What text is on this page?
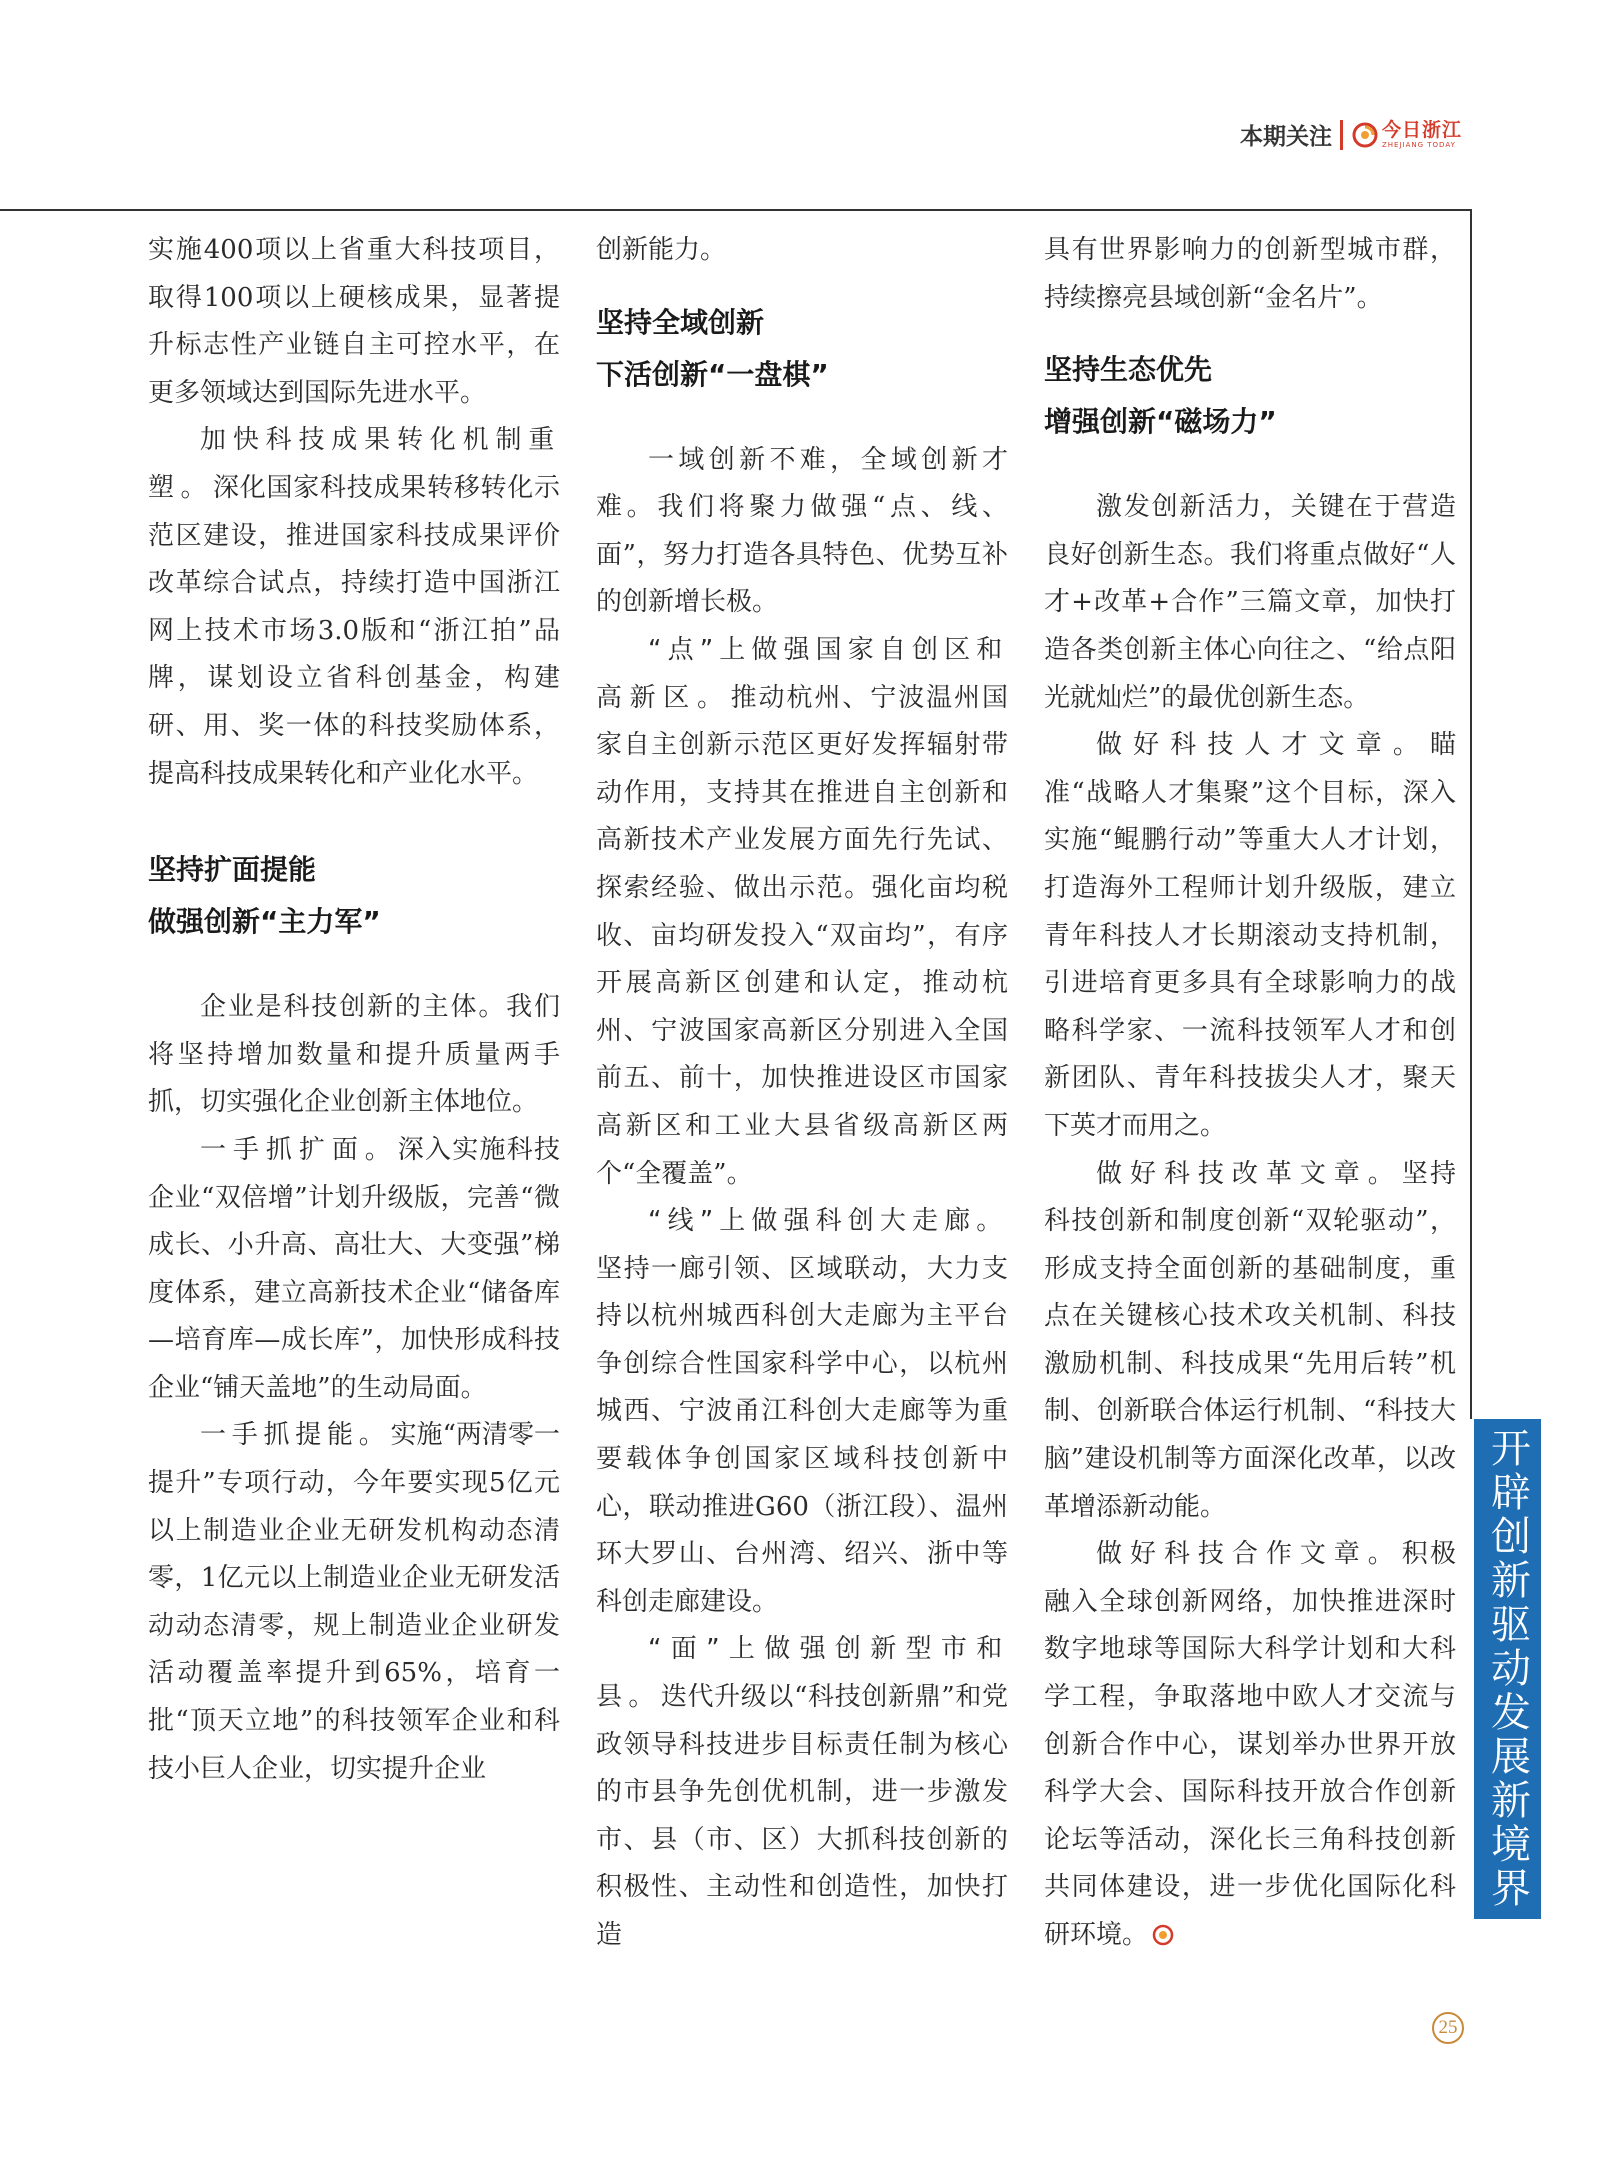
本期关注	今日浙江
ZHEJIANG TODAY

实施400项以上省重大科技项目，取得100项以上硬核成果，显著提升标志性产业链自主可控水平，在更多领域达到国际先进水平。

加快科技成果转化机制重塑。深化国家科技成果转移转化示范区建设，推进国家科技成果评价改革综合试点，持续打造中国浙江网上技术市场3.0版和“浙江拍”品牌，谋划设立省科创基金，构建研、用、奖一体的科技奖励体系，提高科技成果转化和产业化水平。

坚持扩面提能
做强创新“主力军”

企业是科技创新的主体。我们将坚持增加数量和提升质量两手抓，切实强化企业创新主体地位。

一手抓扩面。深入实施科技企业“双倍增”计划升级版，完善“微成长、小升高、高壮大、大变强”梯度体系，建立高新技术企业“储备库—培育库—成长库”，加快形成科技企业“铺天盖地”的生动局面。

一手抓提能。实施“两清零一提升”专项行动，今年要实现5亿元以上制造业企业无研发机构动态清零，1亿元以上制造业企业无研发活动动态清零，规上制造业企业研发活动覆盖率提升到65%，培育一批“顶天立地”的科技领军企业和科技小巨人企业，切实提升企业

创新能力。

坚持全域创新
下活创新“一盘棋”

一域创新不难，全域创新才难。我们将聚力做强“点、线、面”，努力打造各具特色、优势互补的创新增长极。

“点”上做强国家自创区和高新区。推动杭州、宁波温州国家自主创新示范区更好发挥辐射带动作用，支持其在推进自主创新和高新技术产业发展方面先行先试、探索经验、做出示范。强化亩均税收、亩均研发投入“双亩均”，有序开展高新区创建和认定，推动杭州、宁波国家高新区分别进入全国前五、前十，加快推进设区市国家高新区和工业大县省级高新区两个“全覆盖”。

“线”上做强科创大走廊。坚持一廊引领、区域联动，大力支持以杭州城西科创大走廊为主平台争创综合性国家科学中心，以杭州城西、宁波甬江科创大走廊等为重要载体争创国家区域科技创新中心，联动推进G60（浙江段）、温州环大罗山、台州湾、绍兴、浙中等科创走廊建设。

“面”上做强创新型市和县。迭代升级以“科技创新鼎”和党政领导科技进步目标责任制为核心的市县争先创优机制，进一步激发市、县（市、区）大抓科技创新的积极性、主动性和创造性，加快打造

具有世界影响力的创新型城市群，持续擦亮县域创新“金名片”。

坚持生态优先
增强创新“磁场力”

激发创新活力，关键在于营造良好创新生态。我们将重点做好“人才+改革+合作”三篇文章，加快打造各类创新主体心向往之、“给点阳光就灿烂”的最优创新生态。

做好科技人才文章。瞄准“战略人才集聚”这个目标，深入实施“鲲鹏行动”等重大人才计划，打造海外工程师计划升级版，建立青年科技人才长期滚动支持机制，引进培育更多具有全球影响力的战略科学家、一流科技领军人才和创新团队、青年科技拔尖人才，聚天下英才而用之。

做好科技改革文章。坚持科技创新和制度创新“双轮驱动”，形成支持全面创新的基础制度，重点在关键核心技术攻关机制、科技激励机制、科技成果“先用后转”机制、创新联合体运行机制、“科技大脑”建设机制等方面深化改革，以改革增添新动能。

做好科技合作文章。积极融入全球创新网络，加快推进深时数字地球等国际大科学计划和大科学工程，争取落地中欧人才交流与创新合作中心，谋划举办世界开放科学大会、国际科技开放合作创新论坛等活动，深化长三角科技创新共同体建设，进一步优化国际化科研环境。

开辟创新驱动发展新境界
25
